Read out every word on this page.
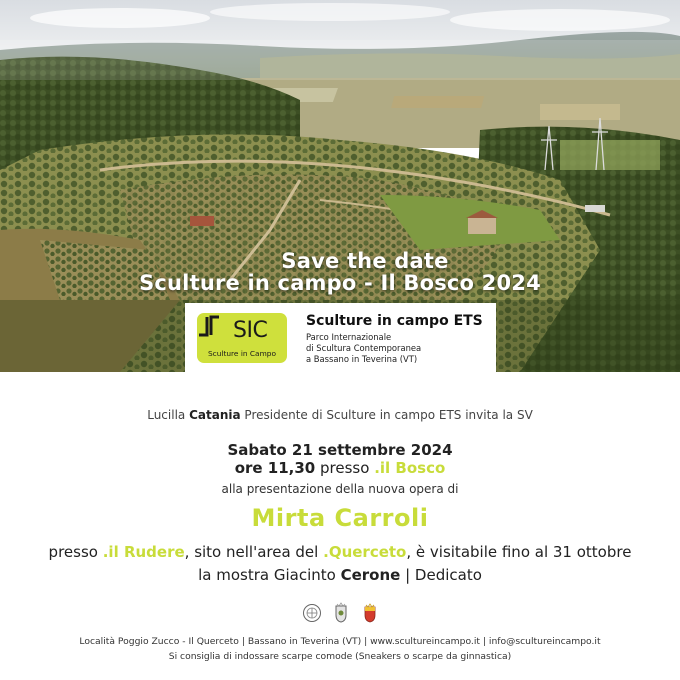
Save the date
Sculture in campo - Il Bosco 2024
SIC
Sculture in Campo
Sculture in campo ETS
Parco Internazionale
di Scultura Contemporanea
a Bassano in Teverina (VT)
Lucilla Catania Presidente di Sculture in campo ETS invita la SV
Sabato 21 settembre 2024
ore 11,30 presso .il Bosco
alla presentazione della nuova opera di
Mirta Carroli
presso .il Rudere, sito nell'area del .Querceto, è visitabile fino al 31 ottobre
la mostra Giacinto Cerone | Dedicato
Località Poggio Zucco - Il Querceto | Bassano in Teverina (VT) | www.scultureincampo.it | info@scultureincampo.it
Si consiglia di indossare scarpe comode (Sneakers o scarpe da ginnastica)
